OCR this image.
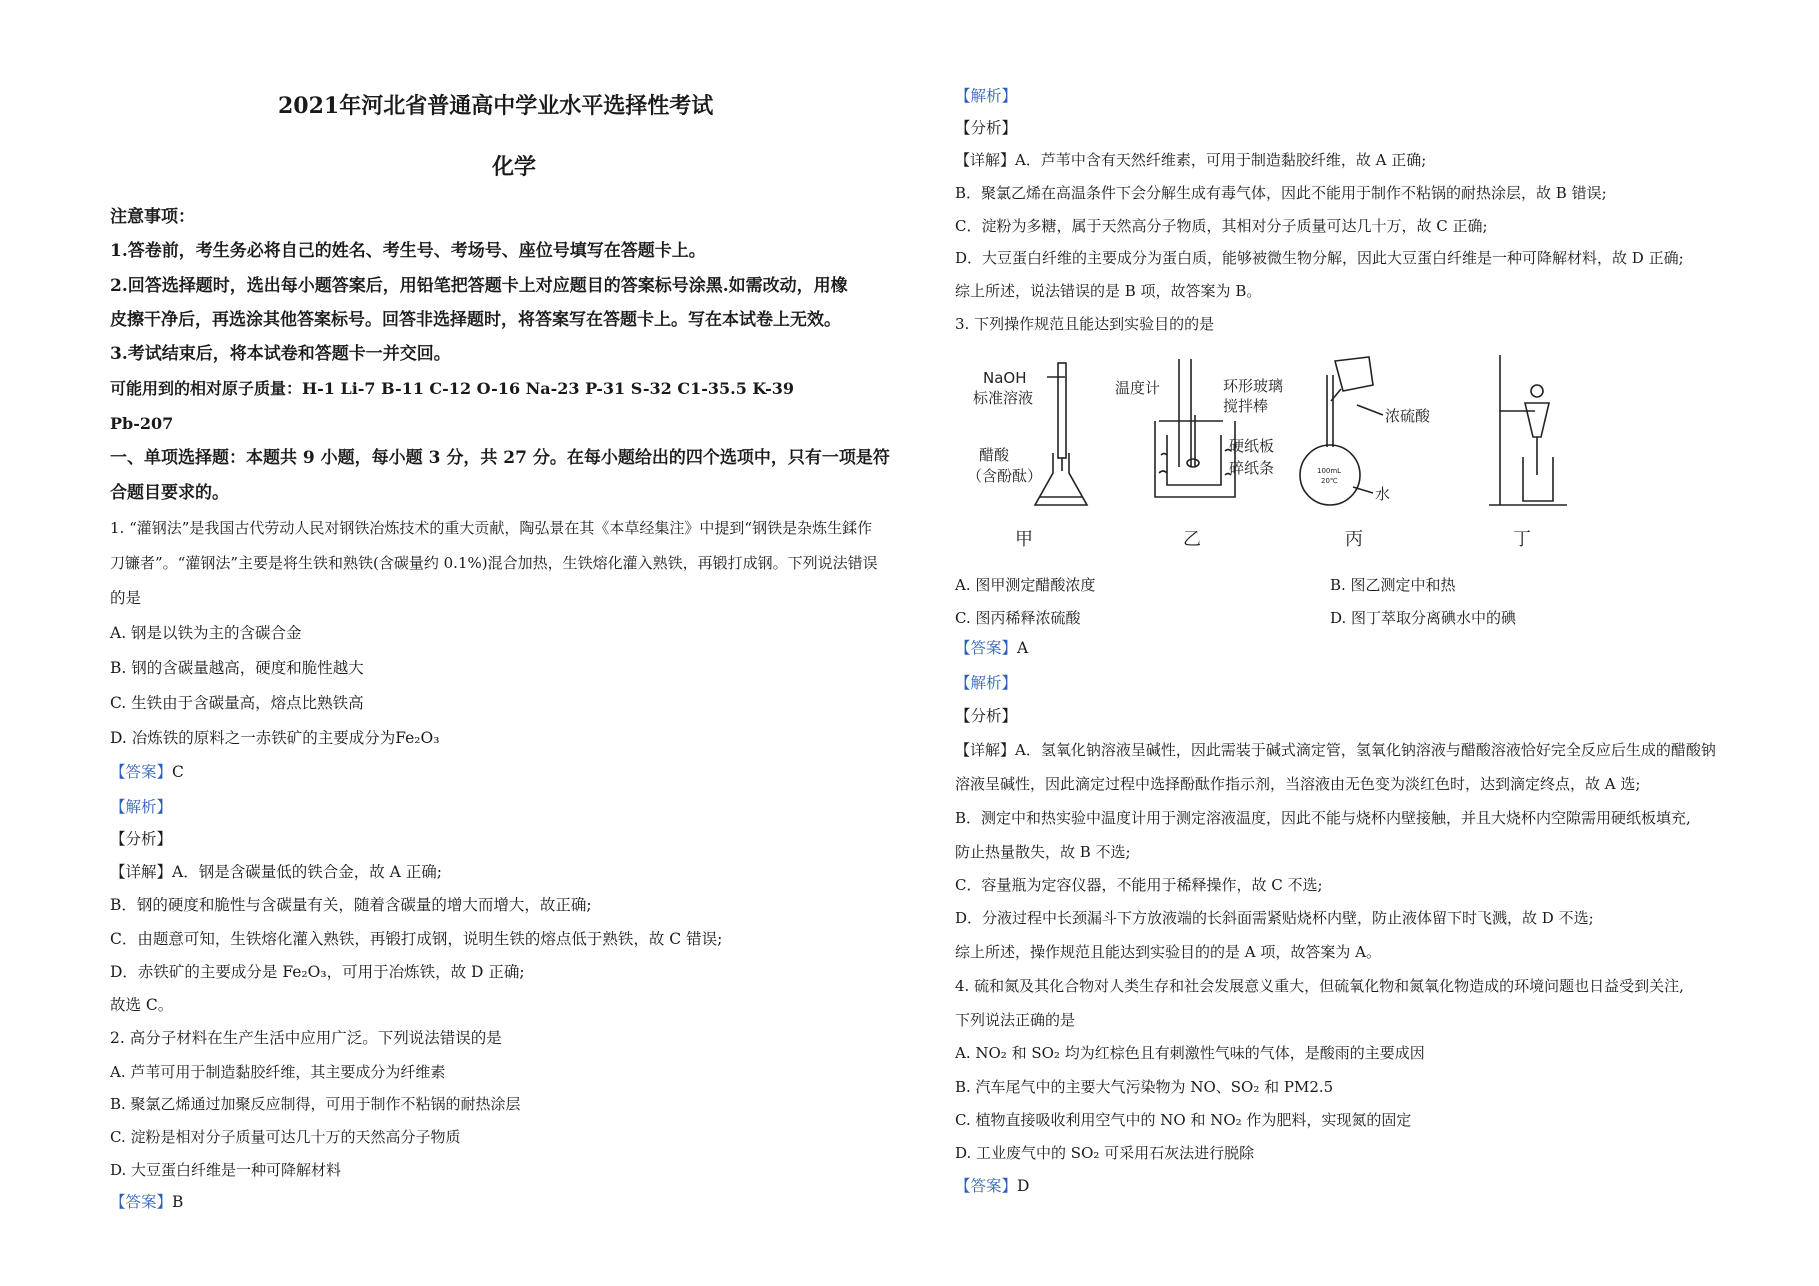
2021年河北省普通高中学业水平选择性考试
化学
注意事项：
1.答卷前，考生务必将自己的姓名、考生号、考场号、座位号填写在答题卡上。
2.回答选择题时，选出每小题答案后，用铅笔把答题卡上对应题目的答案标号涂黑.如需改动，用橡
皮擦干净后，再选涂其他答案标号。回答非选择题时，将答案写在答题卡上。写在本试卷上无效。
3.考试结束后，将本试卷和答题卡一并交回。
可能用到的相对原子质量：H-1 Li-7 B-11 C-12 O-16 Na-23 P-31 S-32 C1-35.5 K-39
Pb-207
一、单项选择题：本题共 9 小题，每小题 3 分，共 27 分。在每小题给出的四个选项中，只有一项是符
合题目要求的。
1. “灌钢法”是我国古代劳动人民对钢铁冶炼技术的重大贡献，陶弘景在其《本草经集注》中提到“钢铁是杂炼生鍒作
刀镰者”。“灌钢法”主要是将生铁和熟铁(含碳量约 0.1%)混合加热，生铁熔化灌入熟铁，再锻打成钢。下列说法错误
的是
A. 钢是以铁为主的含碳合金
B. 钢的含碳量越高，硬度和脆性越大
C. 生铁由于含碳量高，熔点比熟铁高
D. 冶炼铁的原料之一赤铁矿的主要成分为Fe₂O₃
【答案】C
【解析】
【分析】
【详解】A．钢是含碳量低的铁合金，故 A 正确;
B．钢的硬度和脆性与含碳量有关，随着含碳量的增大而增大，故正确;
C．由题意可知，生铁熔化灌入熟铁，再锻打成钢，说明生铁的熔点低于熟铁，故 C 错误;
D．赤铁矿的主要成分是 Fe₂O₃，可用于冶炼铁，故 D 正确;
故选 C。
2. 高分子材料在生产生活中应用广泛。下列说法错误的是
A. 芦苇可用于制造黏胶纤维，其主要成分为纤维素
B. 聚氯乙烯通过加聚反应制得，可用于制作不粘锅的耐热涂层
C. 淀粉是相对分子质量可达几十万的天然高分子物质
D. 大豆蛋白纤维是一种可降解材料
【答案】B
【解析】
【分析】
【详解】A．芦苇中含有天然纤维素，可用于制造黏胶纤维，故 A 正确;
B．聚氯乙烯在高温条件下会分解生成有毒气体，因此不能用于制作不粘锅的耐热涂层，故 B 错误;
C．淀粉为多糖，属于天然高分子物质，其相对分子质量可达几十万，故 C 正确;
D．大豆蛋白纤维的主要成分为蛋白质，能够被微生物分解，因此大豆蛋白纤维是一种可降解材料，故 D 正确;
综上所述，说法错误的是 B 项，故答案为 B。
3. 下列操作规范且能达到实验目的的是
NaOH
标准溶液
醋酸
（含酚酞）
甲
温度计	环形玻璃
搅拌棒
硬纸板
碎纸条
乙
100mL
20℃
浓硫酸
水
丙	丁
A. 图甲测定醋酸浓度	B. 图乙测定中和热
C. 图丙稀释浓硫酸	D. 图丁萃取分离碘水中的碘
【答案】A
【解析】
【分析】
【详解】A．氢氧化钠溶液呈碱性，因此需装于碱式滴定管，氢氧化钠溶液与醋酸溶液恰好完全反应后生成的醋酸钠
溶液呈碱性，因此滴定过程中选择酚酞作指示剂，当溶液由无色变为淡红色时，达到滴定终点，故 A 选;
B．测定中和热实验中温度计用于测定溶液温度，因此不能与烧杯内壁接触，并且大烧杯内空隙需用硬纸板填充,
防止热量散失，故 B 不选;
C．容量瓶为定容仪器，不能用于稀释操作，故 C 不选;
D．分液过程中长颈漏斗下方放液端的长斜面需紧贴烧杯内壁，防止液体留下时飞溅，故 D 不选;
综上所述，操作规范且能达到实验目的的是 A 项，故答案为 A。
4. 硫和氮及其化合物对人类生存和社会发展意义重大，但硫氧化物和氮氧化物造成的环境问题也日益受到关注,
下列说法正确的是
A. NO₂ 和 SO₂ 均为红棕色且有刺激性气味的气体，是酸雨的主要成因
B. 汽车尾气中的主要大气污染物为 NO、SO₂ 和 PM2.5
C. 植物直接吸收利用空气中的 NO 和 NO₂ 作为肥料，实现氮的固定
D. 工业废气中的 SO₂ 可采用石灰法进行脱除
【答案】D
